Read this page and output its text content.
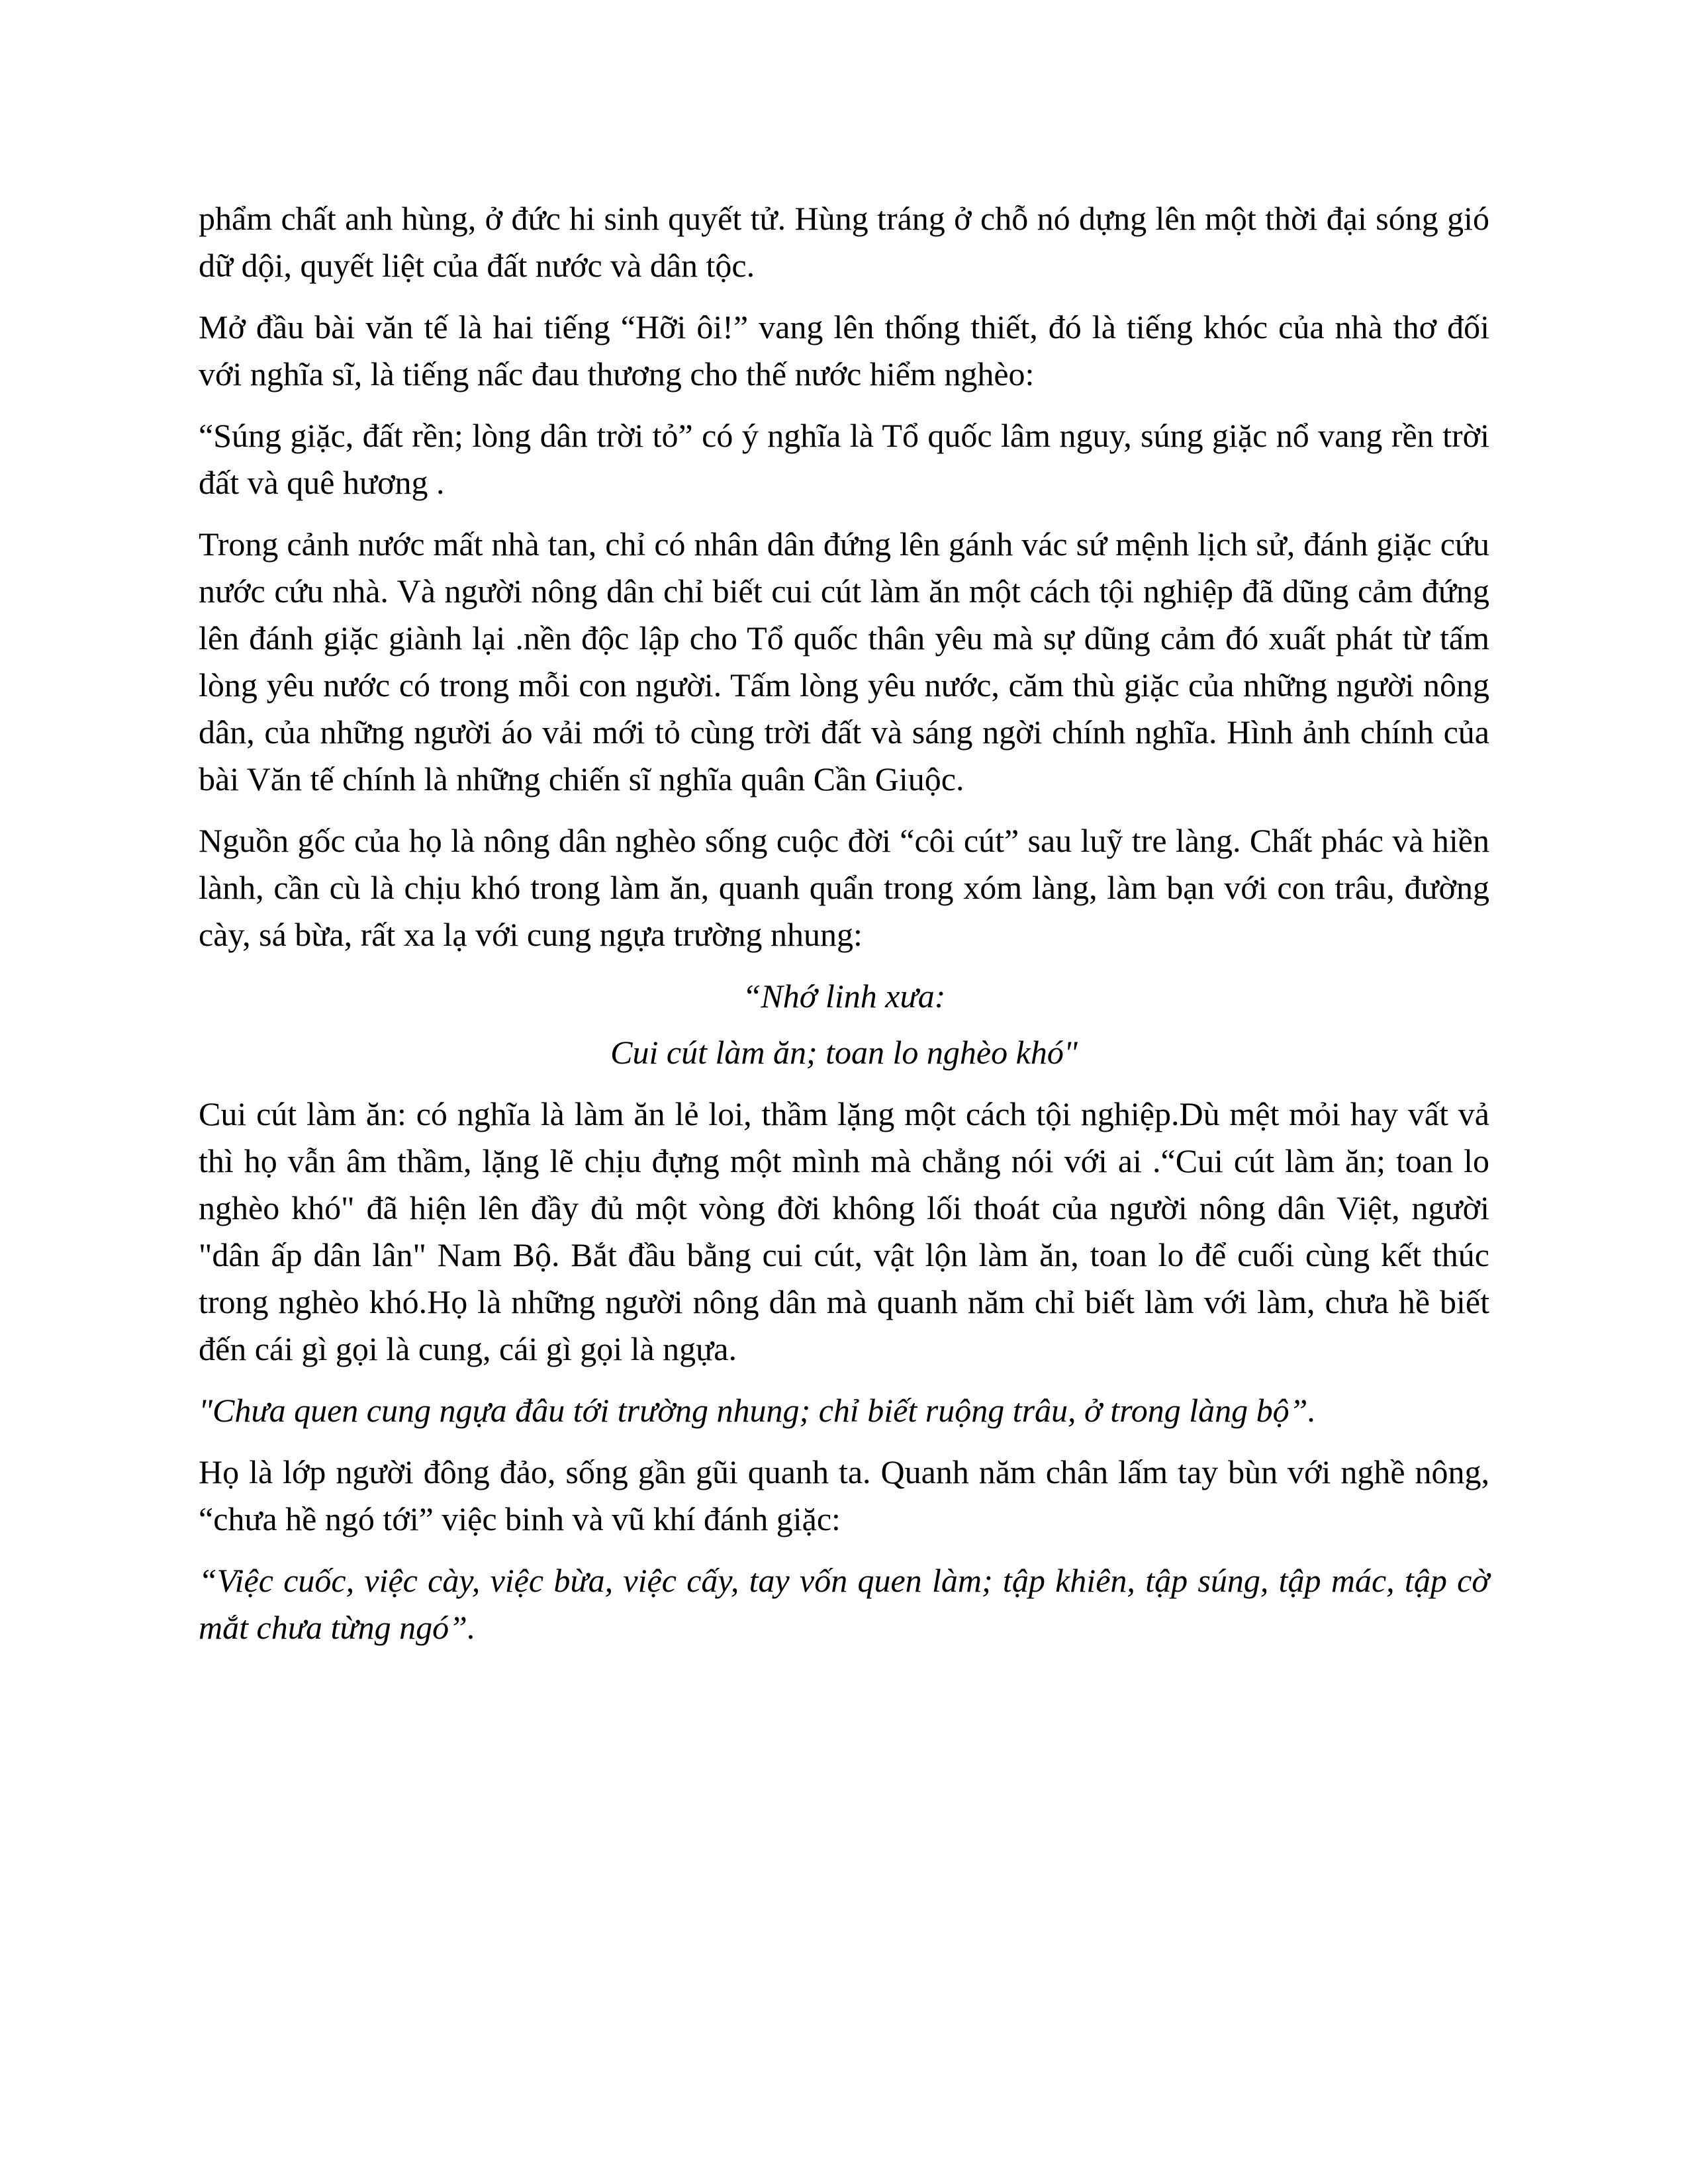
phẩm chất anh hùng, ở đức hi sinh quyết tử. Hùng tráng ở chỗ nó dựng lên một thời đại sóng gió dữ dội, quyết liệt của đất nước và dân tộc.

Mở đầu bài văn tế là hai tiếng “Hỡi ôi!” vang lên thống thiết, đó là tiếng khóc của nhà thơ đối với nghĩa sĩ, là tiếng nấc đau thương cho thế nước hiểm nghèo:

“Súng giặc, đất rền; lòng dân trời tỏ” có ý nghĩa là Tổ quốc lâm nguy, súng giặc nổ vang rền trời đất và quê hương .

Trong cảnh nước mất nhà tan, chỉ có nhân dân đứng lên gánh vác sứ mệnh lịch sử, đánh giặc cứu nước cứu nhà. Và người nông dân chỉ biết cui cút làm ăn một cách tội nghiệp đã dũng cảm đứng lên đánh giặc giành lại .nền độc lập cho Tổ quốc thân yêu mà sự dũng cảm đó xuất phát từ tấm lòng yêu nước có trong mỗi con người. Tấm lòng yêu nước, căm thù giặc của những người nông dân, của những người áo vải mới tỏ cùng trời đất và sáng ngời chính nghĩa. Hình ảnh chính của bài Văn tế chính là những chiến sĩ nghĩa quân Cần Giuộc.

Nguồn gốc của họ là nông dân nghèo sống cuộc đời “côi cút” sau luỹ tre làng. Chất phác và hiền lành, cần cù là chịu khó trong làm ăn, quanh quẩn trong xóm làng, làm bạn với con trâu, đường cày, sá bừa, rất xa lạ với cung ngựa trường nhung:

“Nhớ linh xưa:

Cui cút làm ăn; toan lo nghèo khó"

Cui cút làm ăn: có nghĩa là làm ăn lẻ loi, thầm lặng một cách tội nghiệp.Dù mệt mỏi hay vất vả thì họ vẫn âm thầm, lặng lẽ chịu đựng một mình mà chẳng nói với ai .“Cui cút làm ăn; toan lo nghèo khó" đã hiện lên đầy đủ một vòng đời không lối thoát của người nông dân Việt, người "dân ấp dân lân" Nam Bộ. Bắt đầu bằng cui cút, vật lộn làm ăn, toan lo để cuối cùng kết thúc trong nghèo khó.Họ là những người nông dân mà quanh năm chỉ biết làm với làm, chưa hề biết đến cái gì gọi là cung, cái gì gọi là ngựa.

"Chưa quen cung ngựa đâu tới trường nhung; chỉ biết ruộng trâu, ở trong làng bộ”.

Họ là lớp người đông đảo, sống gần gũi quanh ta. Quanh năm chân lấm tay bùn với nghề nông, “chưa hề ngó tới” việc binh và vũ khí đánh giặc:

“Việc cuốc, việc cày, việc bừa, việc cấy, tay vốn quen làm; tập khiên, tập súng, tập mác, tập cờ mắt chưa từng ngó”.
